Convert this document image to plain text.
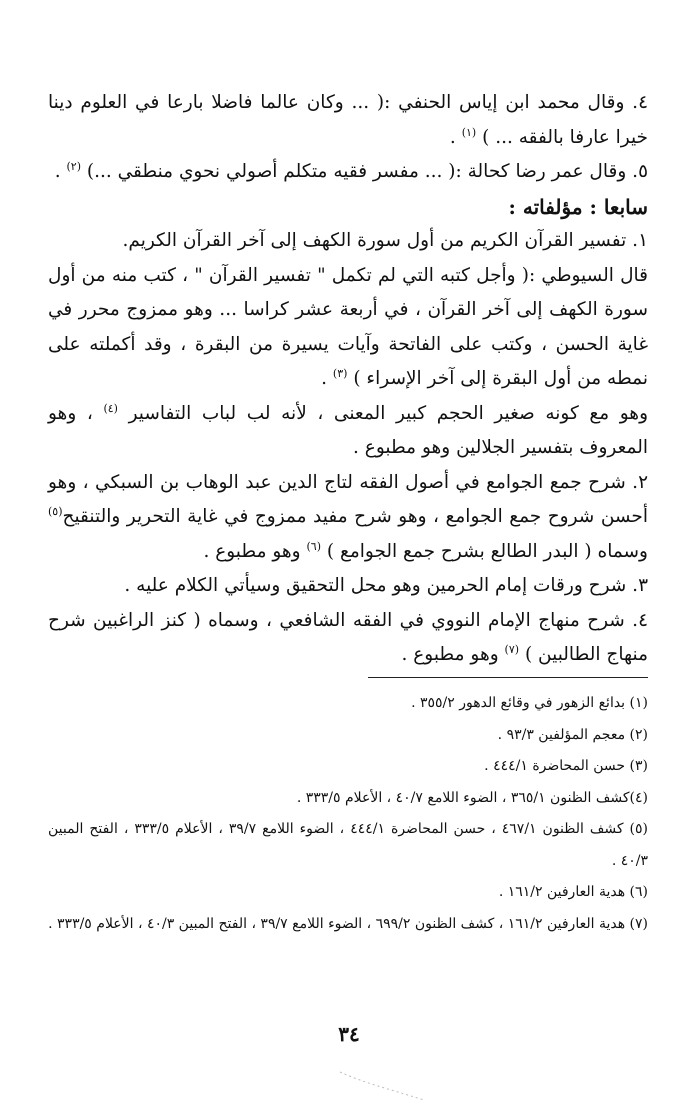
٤. وقال محمد ابن إياس الحنفي :( ... وكان عالما فاضلا بارعا في العلوم دينا خيرا عارفا بالفقه ... ) $^{(١)}$ .

٥. وقال عمر رضا كحالة :( ... مفسر فقيه متكلم أصولي نحوي منطقي ...) $^{(٢)}$ .

سابعا : مؤلفاته :

١. تفسير القرآن الكريم من أول سورة الكهف إلى آخر القرآن الكريم.

قال السيوطي :( وأجل كتبه التي لم تكمل " تفسير القرآن " ، كتب منه من أول سورة الكهف إلى آخر القرآن ، في أربعة عشر كراسا ... وهو ممزوج محرر في غاية الحسن ، وكتب على الفاتحة وآيات يسيرة من البقرة ، وقد أكملته على نمطه من أول البقرة إلى آخر الإسراء ) $^{(٣)}$ .

وهو مع كونه صغير الحجم كبير المعنى ، لأنه لب لباب التفاسير $^{(٤)}$ ، وهو المعروف بتفسير الجلالين وهو مطبوع .

٢. شرح جمع الجوامع في أصول الفقه لتاج الدين عبد الوهاب بن السبكي ، وهو أحسن شروح جمع الجوامع ، وهو شرح مفيد ممزوج في غاية التحرير والتنقيح$^{(٥)}$ وسماه ( البدر الطالع بشرح جمع الجوامع ) $^{(٦)}$ وهو مطبوع .

٣. شرح ورقات إمام الحرمين وهو محل التحقيق وسيأتي الكلام عليه .

٤. شرح منهاج الإمام النووي في الفقه الشافعي ، وسماه ( كنز الراغبين شرح منهاج الطالبين ) $^{(٧)}$ وهو مطبوع .

(١) بدائع الزهور في وقائع الدهور ٣٥٥/٢ .

(٢) معجم المؤلفين ٩٣/٣ .

(٣) حسن المحاضرة ٤٤٤/١ .

(٤)كشف الظنون ٣٦٥/١ ، الضوء اللامع ٤٠/٧ ، الأعلام ٣٣٣/٥ .

(٥) كشف الظنون ٤٦٧/١ ، حسن المحاضرة ٤٤٤/١ ، الضوء اللامع ٣٩/٧ ، الأعلام ٣٣٣/٥ ، الفتح المبين ٤٠/٣ .

(٦) هدية العارفين ١٦١/٢ .

(٧) هدية العارفين ١٦١/٢ ، كشف الظنون ٦٩٩/٢ ، الضوء اللامع ٣٩/٧ ، الفتح المبين ٤٠/٣ ، الأعلام ٣٣٣/٥ .

٣٤
